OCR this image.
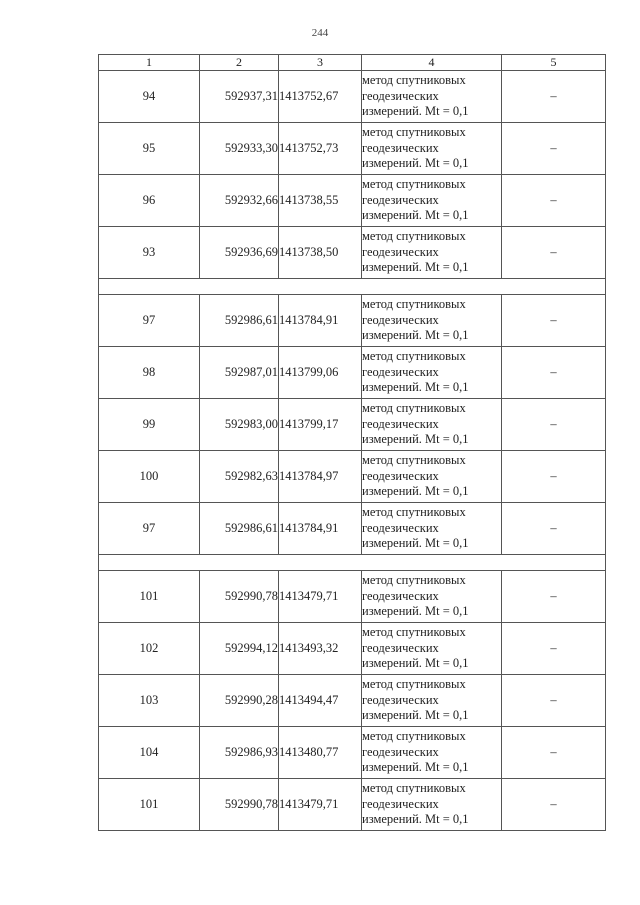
244
1	2	3	4	5
94	592937,31	1413752,67	метод спутниковых
геодезических
измерений. Mt = 0,1	–
95	592933,30	1413752,73	метод спутниковых
геодезических
измерений. Mt = 0,1	–
96	592932,66	1413738,55	метод спутниковых
геодезических
измерений. Mt = 0,1	–
93	592936,69	1413738,50	метод спутниковых
геодезических
измерений. Mt = 0,1	–

97	592986,61	1413784,91	метод спутниковых
геодезических
измерений. Mt = 0,1	–
98	592987,01	1413799,06	метод спутниковых
геодезических
измерений. Mt = 0,1	–
99	592983,00	1413799,17	метод спутниковых
геодезических
измерений. Mt = 0,1	–
100	592982,63	1413784,97	метод спутниковых
геодезических
измерений. Mt = 0,1	–
97	592986,61	1413784,91	метод спутниковых
геодезических
измерений. Mt = 0,1	–

101	592990,78	1413479,71	метод спутниковых
геодезических
измерений. Mt = 0,1	–
102	592994,12	1413493,32	метод спутниковых
геодезических
измерений. Mt = 0,1	–
103	592990,28	1413494,47	метод спутниковых
геодезических
измерений. Mt = 0,1	–
104	592986,93	1413480,77	метод спутниковых
геодезических
измерений. Mt = 0,1	–
101	592990,78	1413479,71	метод спутниковых
геодезических
измерений. Mt = 0,1	–
